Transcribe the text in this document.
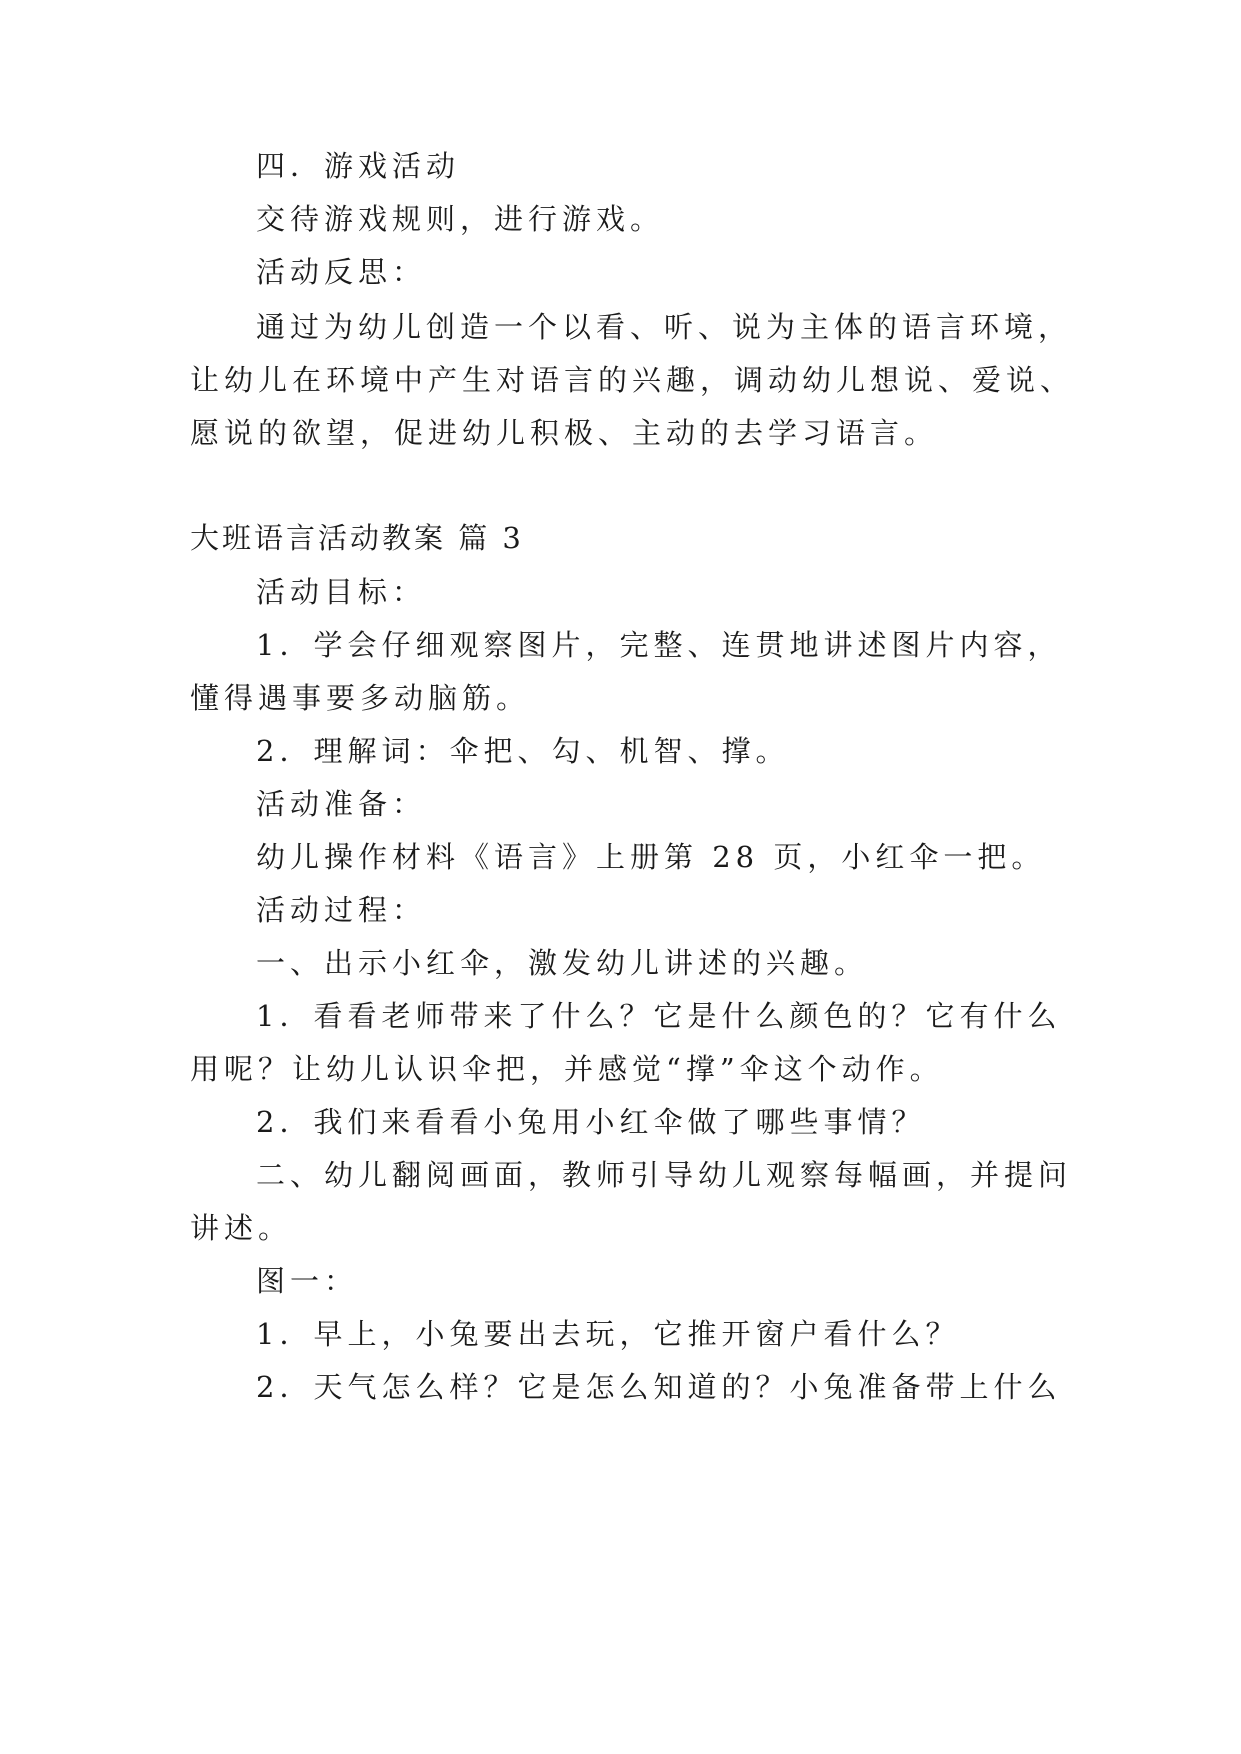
四．游戏活动
交待游戏规则，进行游戏。
活动反思：
通过为幼儿创造一个以看、听、说为主体的语言环境，
让幼儿在环境中产生对语言的兴趣，调动幼儿想说、爱说、
愿说的欲望，促进幼儿积极、主动的去学习语言。
大班语言活动教案 篇 3
活动目标：
1．学会仔细观察图片，完整、连贯地讲述图片内容，
懂得遇事要多动脑筋。
2．理解词：伞把、勾、机智、撑。
活动准备：
幼儿操作材料《语言》上册第 28 页，小红伞一把。
活动过程：
一、出示小红伞，激发幼儿讲述的兴趣。
1．看看老师带来了什么？它是什么颜色的？它有什么
用呢？让幼儿认识伞把，并感觉“撑”伞这个动作。
2．我们来看看小兔用小红伞做了哪些事情？
二、幼儿翻阅画面，教师引导幼儿观察每幅画，并提问
讲述。
图一：
1．早上，小兔要出去玩，它推开窗户看什么？
2．天气怎么样？它是怎么知道的？小兔准备带上什么
